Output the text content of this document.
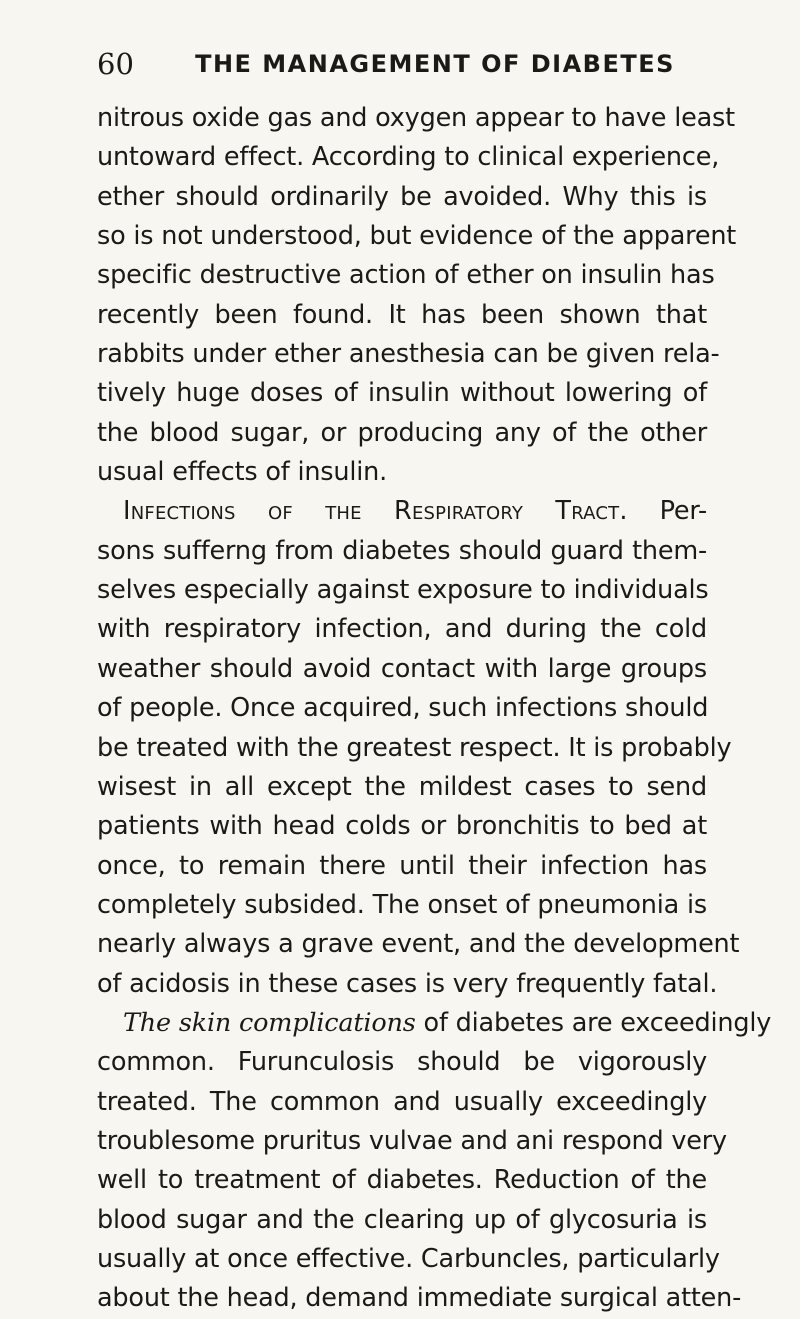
60	THE MANAGEMENT OF DIABETES
nitrous oxide gas and oxygen appear to have least
untoward effect. According to clinical experience,
ether should ordinarily be avoided. Why this is
so is not understood, but evidence of the apparent
specific destructive action of ether on insulin has
recently been found. It has been shown that
rabbits under ether anesthesia can be given rela-
tively huge doses of insulin without lowering of
the blood sugar, or producing any of the other
usual effects of insulin.
Infections of the Respiratory Tract. Per-
sons sufferng from diabetes should guard them-
selves especially against exposure to individuals
with respiratory infection, and during the cold
weather should avoid contact with large groups
of people. Once acquired, such infections should
be treated with the greatest respect. It is probably
wisest in all except the mildest cases to send
patients with head colds or bronchitis to bed at
once, to remain there until their infection has
completely subsided. The onset of pneumonia is
nearly always a grave event, and the development
of acidosis in these cases is very frequently fatal.
The skin complications of diabetes are exceedingly
common. Furunculosis should be vigorously
treated. The common and usually exceedingly
troublesome pruritus vulvae and ani respond very
well to treatment of diabetes. Reduction of the
blood sugar and the clearing up of glycosuria is
usually at once effective. Carbuncles, particularly
about the head, demand immediate surgical atten-
